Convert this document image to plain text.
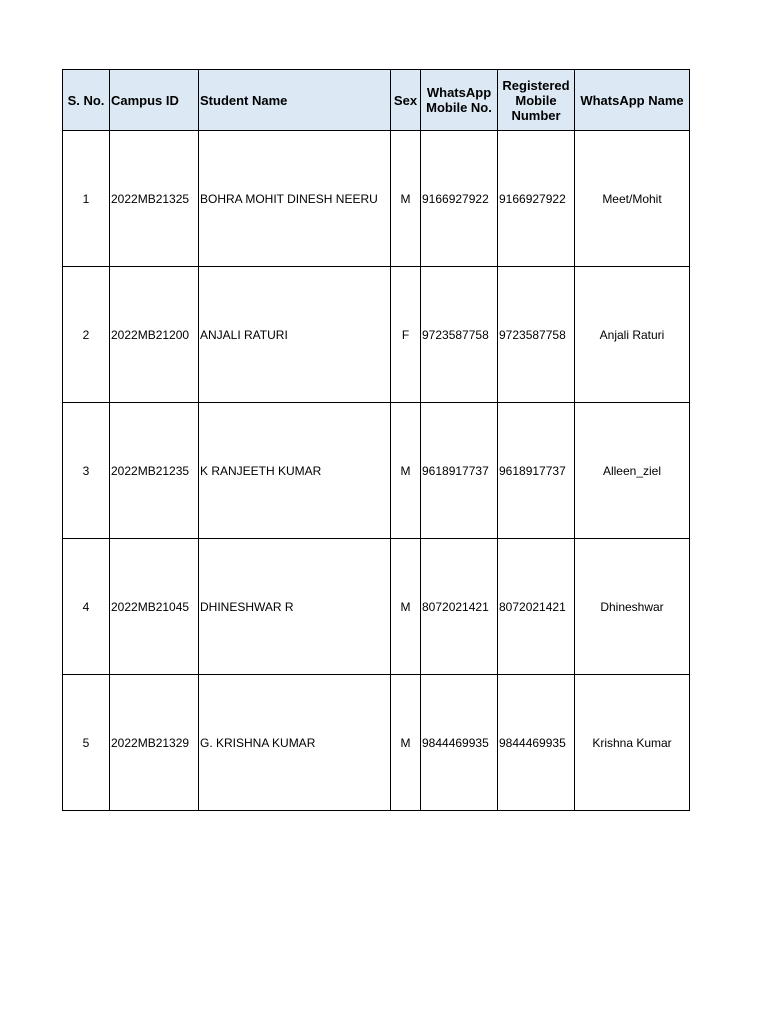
S. No.	Campus ID	Student Name	Sex	WhatsApp Mobile No.	Registered Mobile Number	WhatsApp Name
1	2022MB21325	BOHRA MOHIT DINESH NEERU	M	9166927922	9166927922	Meet/Mohit
2	2022MB21200	ANJALI RATURI	F	9723587758	9723587758	Anjali Raturi
3	2022MB21235	K RANJEETH KUMAR	M	9618917737	9618917737	Alleen_ziel
4	2022MB21045	DHINESHWAR R	M	8072021421	8072021421	Dhineshwar
5	2022MB21329	G. KRISHNA KUMAR	M	9844469935	9844469935	Krishna Kumar
